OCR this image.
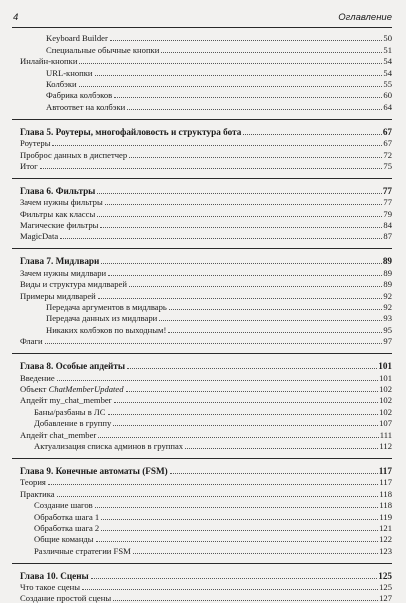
4	Оглавление
Keyboard Builder	50
Специальные обычные кнопки	51
Инлайн-кнопки	54
URL-кнопки	54
Колбэки	55
Фабрика колбэков	60
Автоответ на колбэки	64
Глава 5. Роутеры, многофайловость и структура бота	67
Роутеры	67
Проброс данных в диспетчер	72
Итог	75
Глава 6. Фильтры	77
Зачем нужны фильтры	77
Фильтры как классы	79
Магические фильтры	84
MagicData	87
Глава 7. Мидлвари	89
Зачем нужны мидлвари	89
Виды и структура мидлварей	89
Примеры мидлварей	92
Передача аргументов в мидлварь	92
Передача данных из мидлвари	93
Никаких колбэков по выходным!	95
Флаги	97
Глава 8. Особые апдейты	101
Введение	101
Объект ChatMemberUpdated	102
Апдейт my_chat_member	102
Баны/разбаны в ЛС	102
Добавление в группу	107
Апдейт chat_member	111
Актуализация списка админов в группах	112
Глава 9. Конечные автоматы (FSM)	117
Теория	117
Практика	118
Создание шагов	118
Обработка шага 1	119
Обработка шага 2	121
Общие команды	122
Различные стратегии FSM	123
Глава 10. Сцены	125
Что такое сцены	125
Создание простой сцены	127
